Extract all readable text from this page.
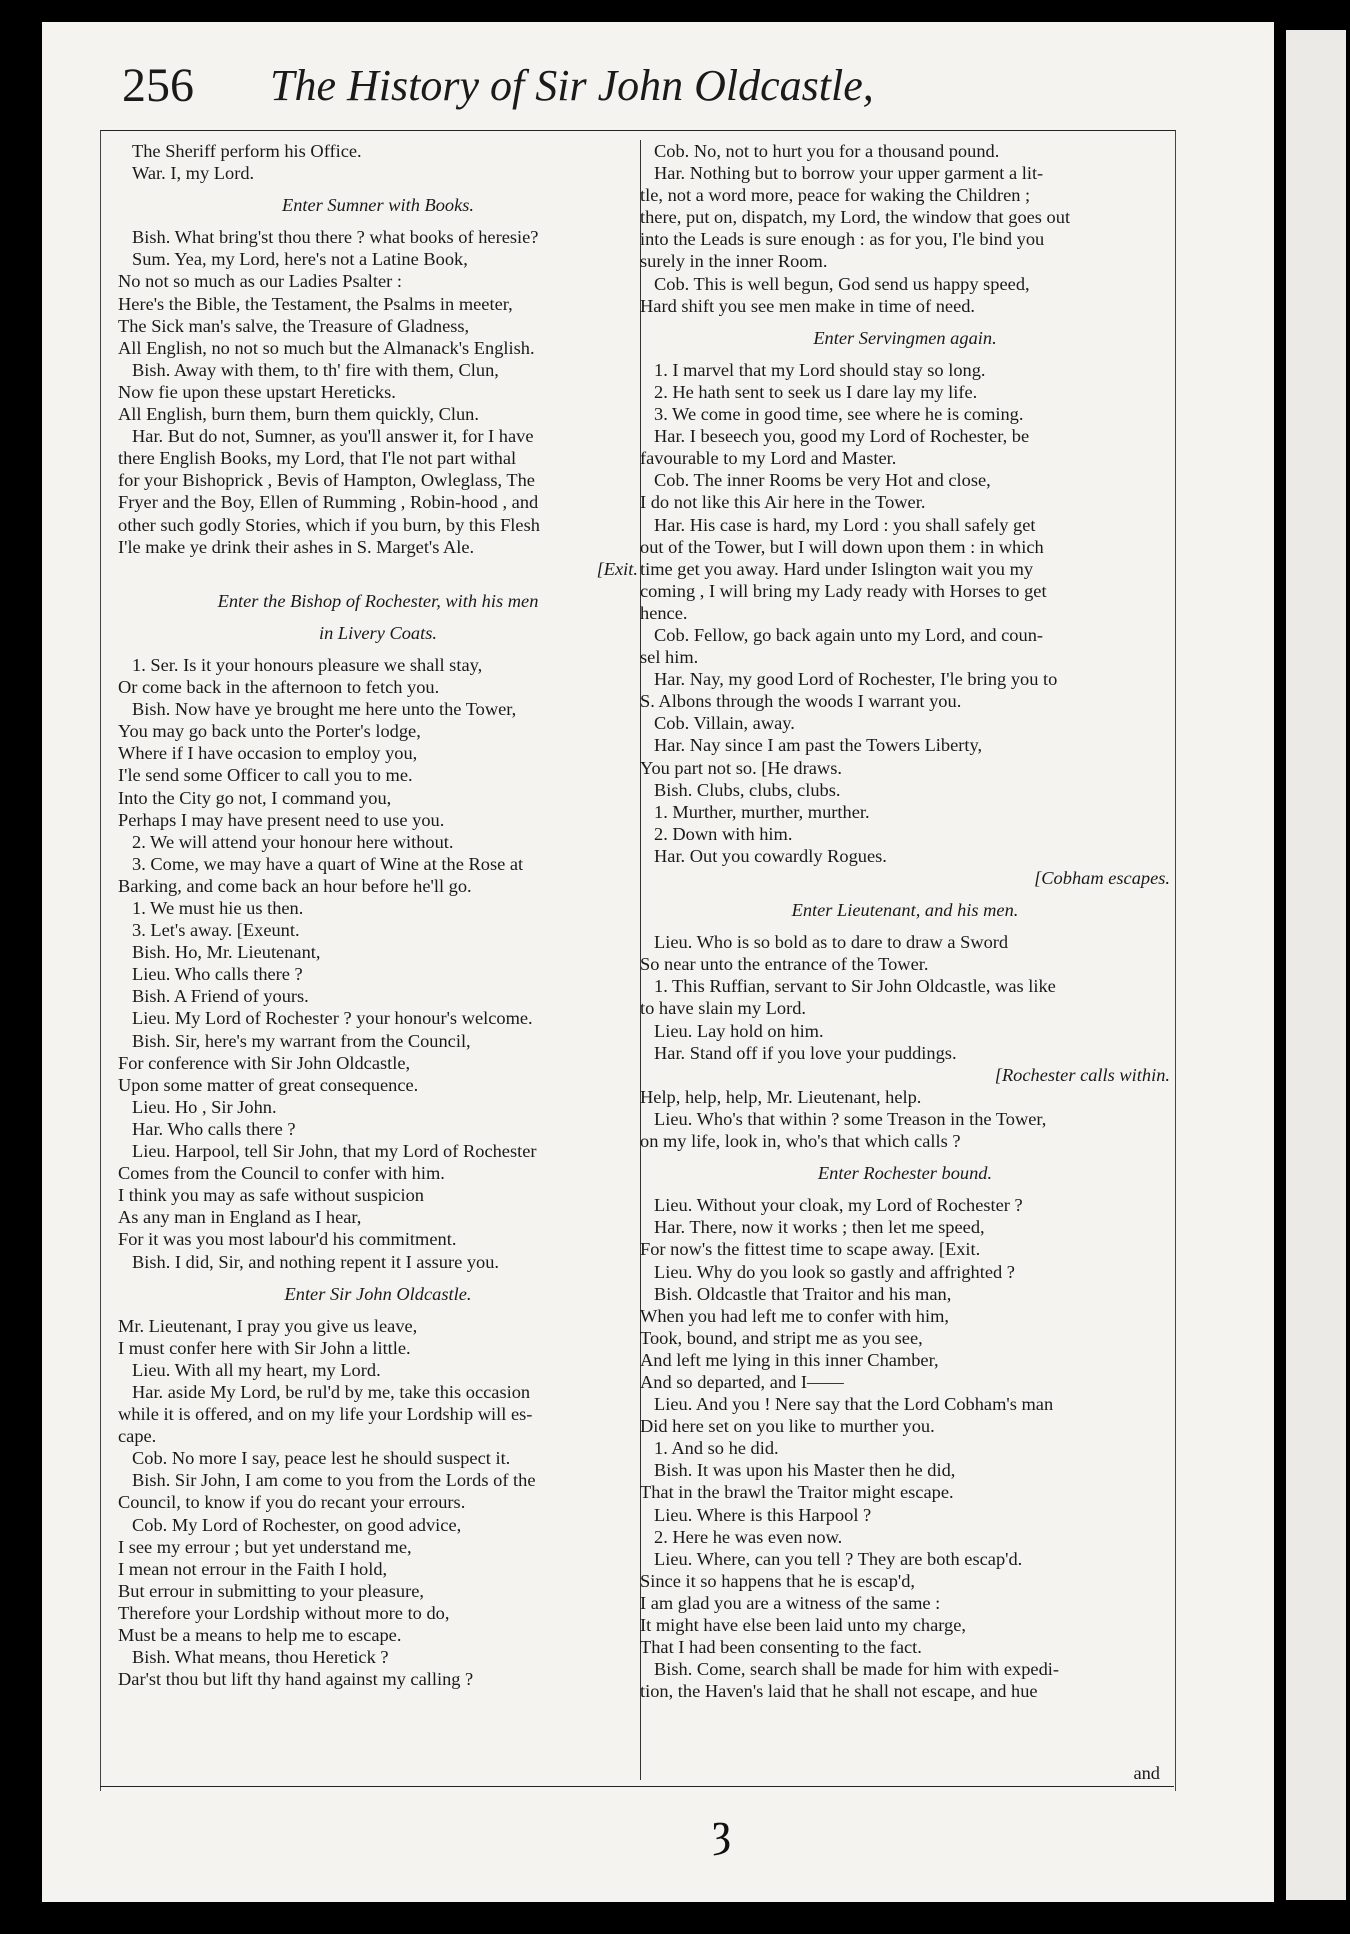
256 The History of Sir John Oldcastle,
The Sheriff perform his Office.
War. I, my Lord.
Enter Sumner with Books.
Bish. What bring'st thou there ? what books of heresie?
Sum. Yea, my Lord, here's not a Latine Book,
No not so much as our Ladies Psalter :
Here's the Bible, the Testament, the Psalms in meeter,
The Sick man's salve, the Treasure of Gladness,
All English, no not so much but the Almanack's English.
Bish. Away with them, to th' fire with them, Clun,
Now fie upon these upstart Hereticks.
All English, burn them, burn them quickly, Clun.
Har. But do not, Sumner, as you'll answer it, for I have
there English Books, my Lord, that I'le not part withal
for your Bishoprick , Bevis of Hampton, Owleglass, The
Fryer and the Boy, Ellen of Rumming , Robin-hood , and
other such godly Stories, which if you burn, by this Flesh
I'le make ye drink their ashes in S. Marget's Ale.
[Exit.
Enter the Bishop of Rochester, with his men
in Livery Coats.
1. Ser. Is it your honours pleasure we shall stay,
Or come back in the afternoon to fetch you.
Bish. Now have ye brought me here unto the Tower,
You may go back unto the Porter's lodge,
Where if I have occasion to employ you,
I'le send some Officer to call you to me.
Into the City go not, I command you,
Perhaps I may have present need to use you.
2. We will attend your honour here without.
3. Come, we may have a quart of Wine at the Rose at
Barking, and come back an hour before he'll go.
1. We must hie us then.
3. Let's away. [Exeunt.
Bish. Ho, Mr. Lieutenant,
Lieu. Who calls there ?
Bish. A Friend of yours.
Lieu. My Lord of Rochester ? your honour's welcome.
Bish. Sir, here's my warrant from the Council,
For conference with Sir John Oldcastle,
Upon some matter of great consequence.
Lieu. Ho , Sir John.
Har. Who calls there ?
Lieu. Harpool, tell Sir John, that my Lord of Rochester
Comes from the Council to confer with him.
I think you may as safe without suspicion
As any man in England as I hear,
For it was you most labour'd his commitment.
Bish. I did, Sir, and nothing repent it I assure you.
Enter Sir John Oldcastle.
Mr. Lieutenant, I pray you give us leave,
I must confer here with Sir John a little.
Lieu. With all my heart, my Lord.
Har. aside My Lord, be rul'd by me, take this occasion
while it is offered, and on my life your Lordship will es-
cape.
Cob. No more I say, peace lest he should suspect it.
Bish. Sir John, I am come to you from the Lords of the
Council, to know if you do recant your errours.
Cob. My Lord of Rochester, on good advice,
I see my errour ; but yet understand me,
I mean not errour in the Faith I hold,
But errour in submitting to your pleasure,
Therefore your Lordship without more to do,
Must be a means to help me to escape.
Bish. What means, thou Heretick ?
Dar'st thou but lift thy hand against my calling ?
Cob. No, not to hurt you for a thousand pound.
Har. Nothing but to borrow your upper garment a lit-
tle, not a word more, peace for waking the Children ;
there, put on, dispatch, my Lord, the window that goes out
into the Leads is sure enough : as for you, I'le bind you
surely in the inner Room.
Cob. This is well begun, God send us happy speed,
Hard shift you see men make in time of need.
Enter Servingmen again.
1. I marvel that my Lord should stay so long.
2. He hath sent to seek us I dare lay my life.
3. We come in good time, see where he is coming.
Har. I beseech you, good my Lord of Rochester, be
favourable to my Lord and Master.
Cob. The inner Rooms be very Hot and close,
I do not like this Air here in the Tower.
Har. His case is hard, my Lord : you shall safely get
out of the Tower, but I will down upon them : in which
time get you away. Hard under Islington wait you my
coming , I will bring my Lady ready with Horses to get
hence.
Cob. Fellow, go back again unto my Lord, and coun-
sel him.
Har. Nay, my good Lord of Rochester, I'le bring you to
S. Albons through the woods I warrant you.
Cob. Villain, away.
Har. Nay since I am past the Towers Liberty,
You part not so. [He draws.
Bish. Clubs, clubs, clubs.
1. Murther, murther, murther.
2. Down with him.
Har. Out you cowardly Rogues.
[Cobham escapes.
Enter Lieutenant, and his men.
Lieu. Who is so bold as to dare to draw a Sword
So near unto the entrance of the Tower.
1. This Ruffian, servant to Sir John Oldcastle, was like
to have slain my Lord.
Lieu. Lay hold on him.
Har. Stand off if you love your puddings.
[Rochester calls within.
Help, help, help, Mr. Lieutenant, help.
Lieu. Who's that within ? some Treason in the Tower,
on my life, look in, who's that which calls ?
Enter Rochester bound.
Lieu. Without your cloak, my Lord of Rochester ?
Har. There, now it works ; then let me speed,
For now's the fittest time to scape away. [Exit.
Lieu. Why do you look so gastly and affrighted ?
Bish. Oldcastle that Traitor and his man,
When you had left me to confer with him,
Took, bound, and stript me as you see,
And left me lying in this inner Chamber,
And so departed, and I——
Lieu. And you ! Nere say that the Lord Cobham's man
Did here set on you like to murther you.
1. And so he did.
Bish. It was upon his Master then he did,
That in the brawl the Traitor might escape.
Lieu. Where is this Harpool ?
2. Here he was even now.
Lieu. Where, can you tell ? They are both escap'd.
Since it so happens that he is escap'd,
I am glad you are a witness of the same :
It might have else been laid unto my charge,
That I had been consenting to the fact.
Bish. Come, search shall be made for him with expedi-
tion, the Haven's laid that he shall not escape, and hue
and
ȝ
